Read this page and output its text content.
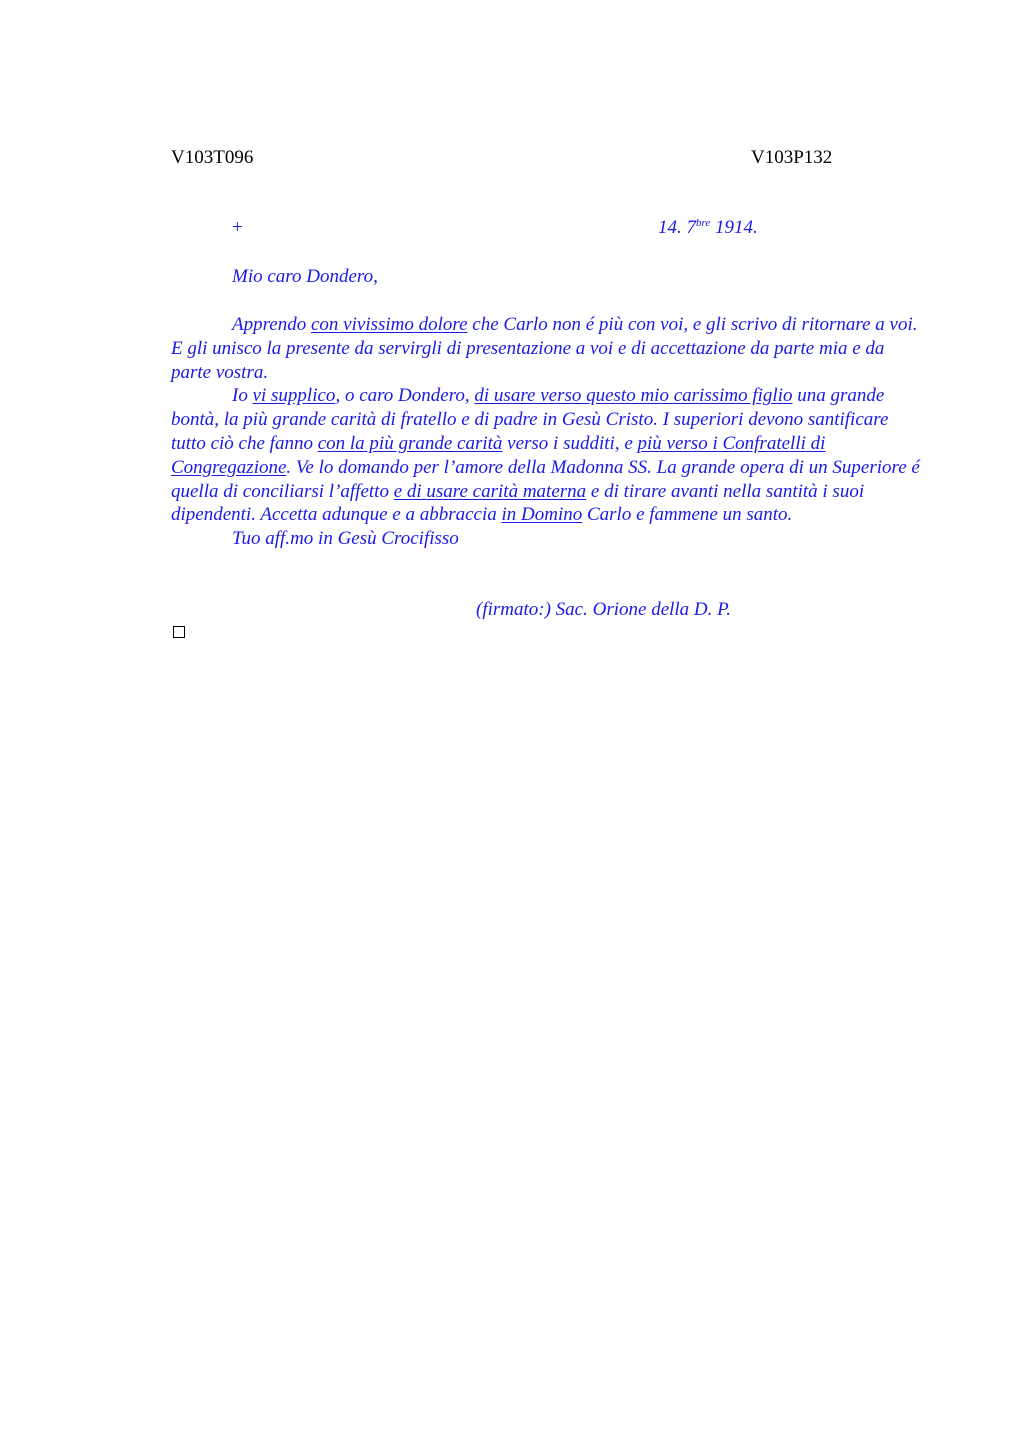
V103T096	V103P132
+	14. $7^{bre}$ 1914.
Mio caro Dondero,

Apprendo con vivissimo dolore che Carlo non é più con voi, e gli scrivo di ritornare a voi. E gli unisco la presente da servirgli di presentazione a voi e di accettazione da parte mia e da parte vostra.

Io vi supplico, o caro Dondero, di usare verso questo mio carissimo figlio una grande bontà, la più grande carità di fratello e di padre in Gesù Cristo. I superiori devono santificare tutto ciò che fanno con la più grande carità verso i sudditi, e più verso i Confratelli di Congregazione. Ve lo domando per l’amore della Madonna SS. La grande opera di un Superiore é quella di conciliarsi l’affetto e di usare carità materna e di tirare avanti nella santità i suoi dipendenti. Accetta adunque e a abbraccia in Domino Carlo e fammene un santo.

Tuo aff.mo in Gesù Crocifisso

(firmato:) Sac. Orione della D. P.
